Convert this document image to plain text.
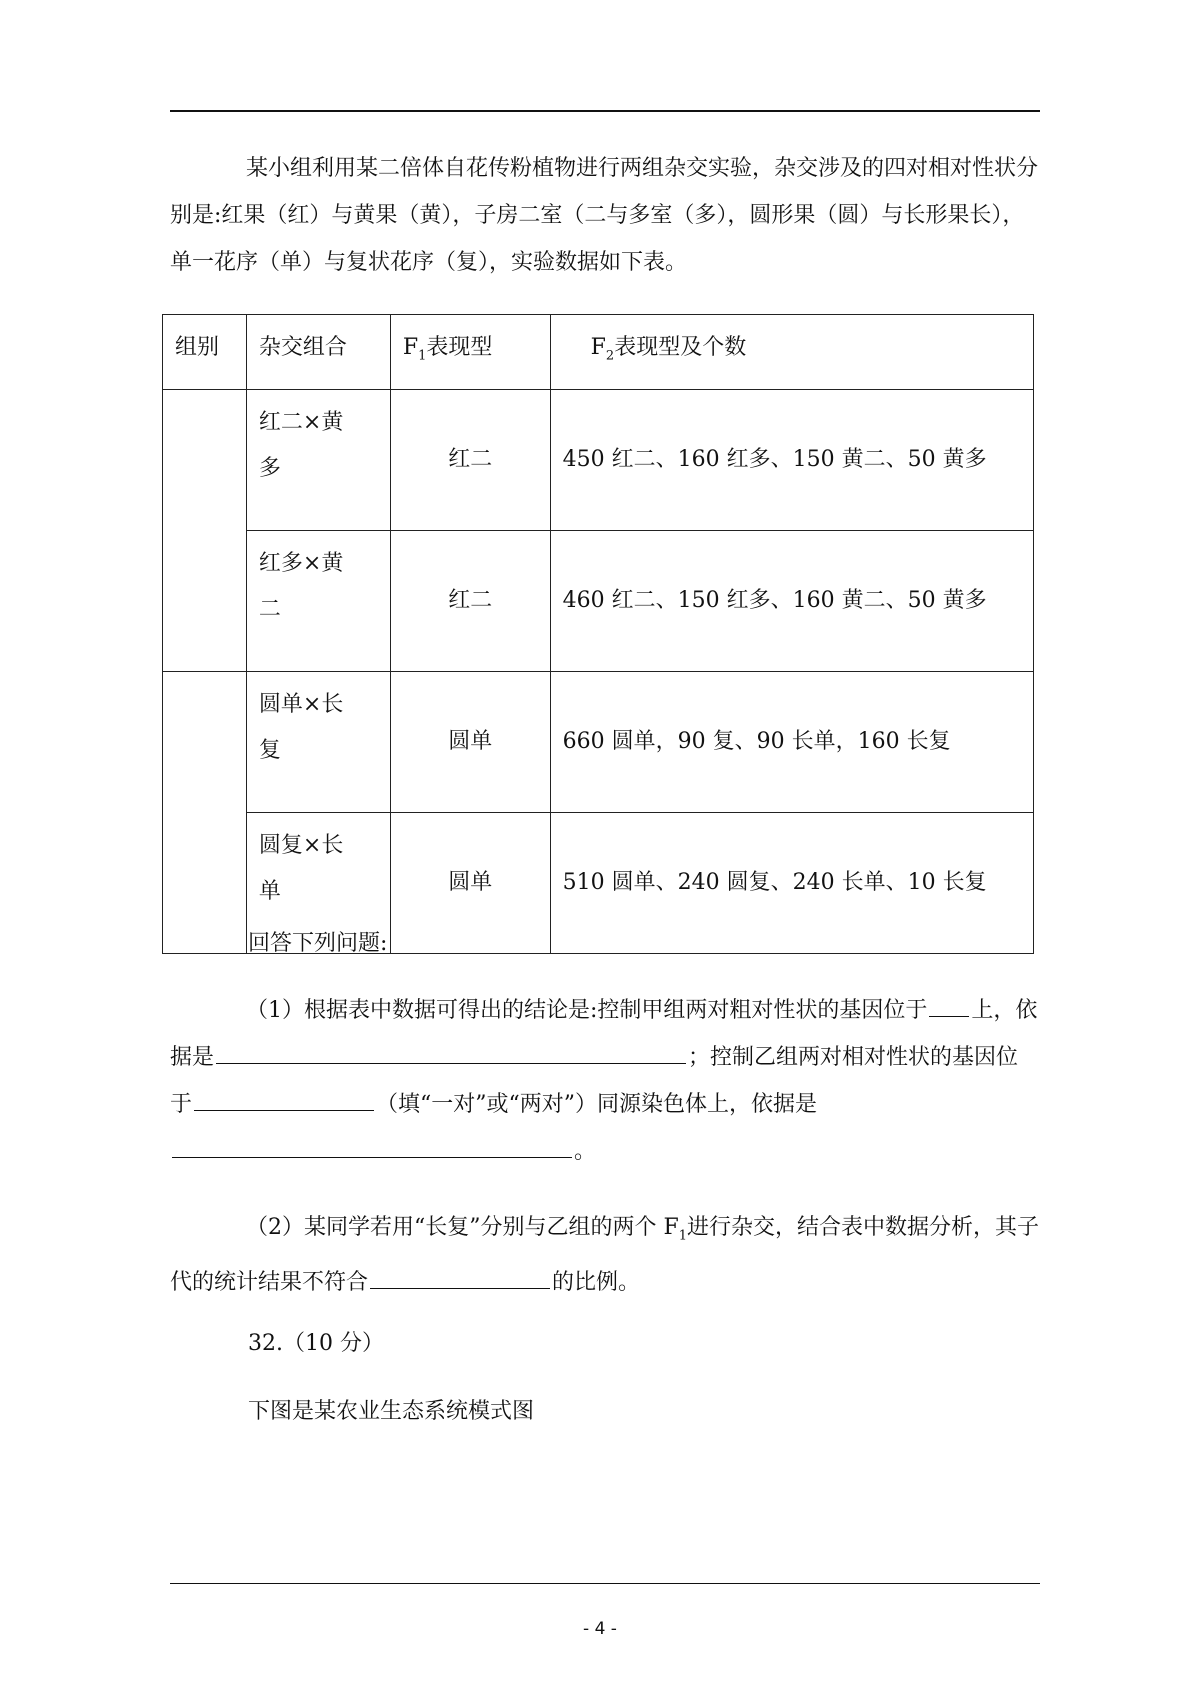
某小组利用某二倍体自花传粉植物进行两组杂交实验，杂交涉及的四对相对性状分别是:红果（红）与黄果（黄），子房二室（二与多室（多），圆形果（圆）与长形果长），单一花序（单）与复状花序（复），实验数据如下表。

组别	杂交组合	$F_1$表现型	$F_2$表现型及个数

	红二×黄多	红二	450 红二、160 红多、150 黄二、50 黄多

	红多×黄二	红二	460 红二、150 红多、160 黄二、50 黄多

	圆单×长复	圆单	660 圆单，90 复、90 长单，160 长复

	圆复×长单	圆单	510 圆单、240 圆复、240 长单、10 长复

回答下列问题:

（1）根据表中数据可得出的结论是:控制甲组两对粗对性状的基因位于 上，依据是	；控制乙组两对相对性状的基因位于	（填“一对”或“两对”）同源染色体上，依据是。

（2）某同学若用“长复”分别与乙组的两个 $F_1$进行杂交，结合表中数据分析，其子代的统计结果不符合	的比例。

32.（10 分）

下图是某农业生态系统模式图

- 4 -
